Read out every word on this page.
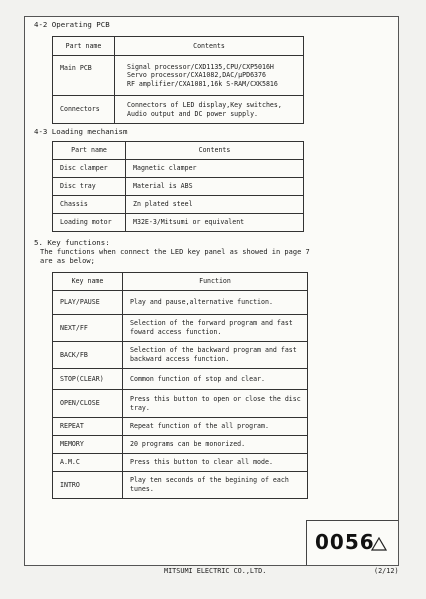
4-2 Operating PCB
Part name	Contents
Main PCB	Signal processor/CXD1135,CPU/CXP5016H
Servo processor/CXA1082,DAC/μPD6376
RF amplifier/CXA1081,16k S-RAM/CXK5816

Connectors	Connectors of LED display,Key switches,
Audio output and DC power supply.
4-3 Loading mechanism
Part name	Contents
Disc clamper	Magnetic clamper
Disc tray	Material is ABS
Chassis	Zn plated steel
Loading motor	M32E-3/Mitsumi or equivalent
5. Key functions:
The functions when connect the LED key panel as showed in page 7
are as below;
Key name	Function
PLAY/PAUSE	Play and pause,alternative function.
NEXT/FF	Selection of the forward program and fast foward access function.
BACK/FB	Selection of the backward program and fast backward access function.
STOP(CLEAR)	Common function of stop and clear.
OPEN/CLOSE	Press this button to open or close the disc tray.
REPEAT	Repeat function of the all program.
MEMORY	20 programs can be monorized.
A.M.C	Press this button to clear all mode.
INTRO	Play ten seconds of the begining of each tunes.
0056
MITSUMI ELECTRIC CO.,LTD.	(2/12)
